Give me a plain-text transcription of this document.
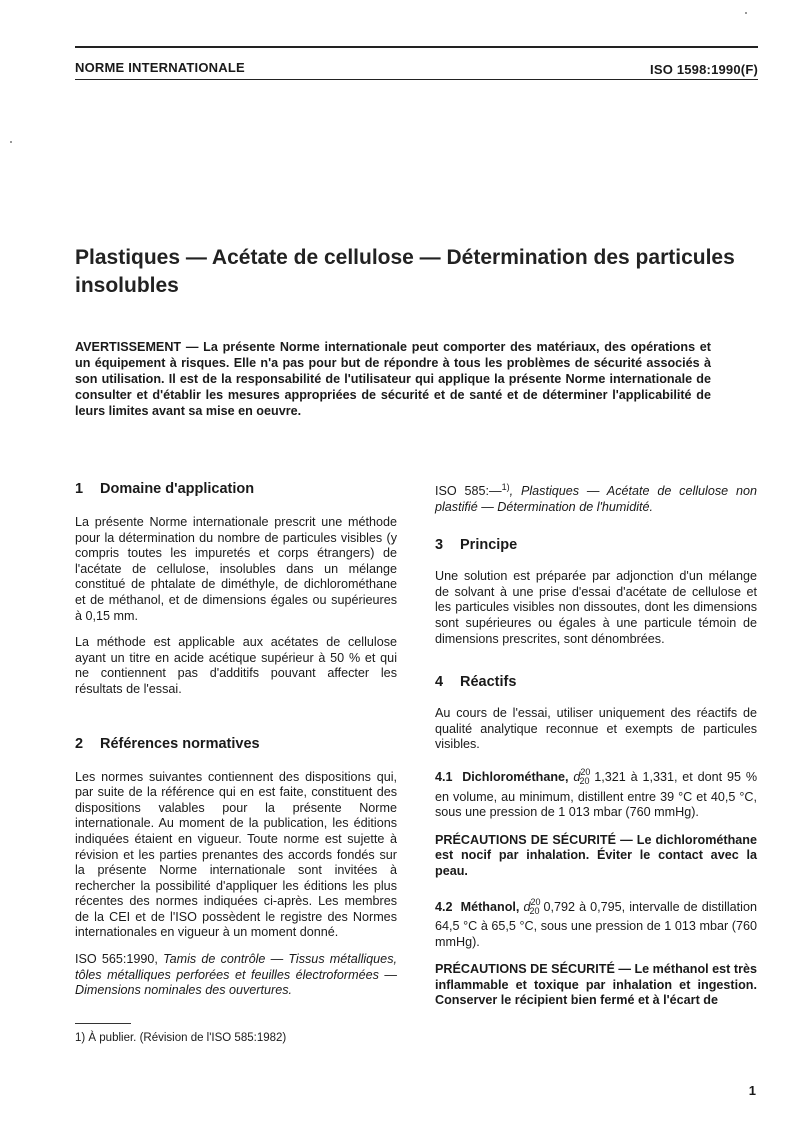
NORME INTERNATIONALE	ISO 1598:1990(F)
Plastiques — Acétate de cellulose — Détermination des particules insolubles
AVERTISSEMENT — La présente Norme internationale peut comporter des matériaux, des opérations et un équipement à risques. Elle n'a pas pour but de répondre à tous les problèmes de sécurité associés à son utilisation. Il est de la responsabilité de l'utilisateur qui applique la présente Norme internationale de consulter et d'établir les mesures appropriées de sécurité et de santé et de déterminer l'applicabilité de leurs limites avant sa mise en oeuvre.
1 Domaine d'application

La présente Norme internationale prescrit une méthode pour la détermination du nombre de particules visibles (y compris toutes les impuretés et corps étrangers) de l'acétate de cellulose, insolubles dans un mélange constitué de phtalate de diméthyle, de dichlorométhane et de méthanol, et de dimensions égales ou supérieures à 0,15 mm.

La méthode est applicable aux acétates de cellulose ayant un titre en acide acétique supérieur à 50 % et qui ne contiennent pas d'additifs pouvant affecter les résultats de l'essai.

2 Références normatives

Les normes suivantes contiennent des dispositions qui, par suite de la référence qui en est faite, constituent des dispositions valables pour la présente Norme internationale. Au moment de la publication, les éditions indiquées étaient en vigueur. Toute norme est sujette à révision et les parties prenantes des accords fondés sur la présente Norme internationale sont invitées à rechercher la possibilité d'appliquer les éditions les plus récentes des normes indiquées ci-après. Les membres de la CEI et de l'ISO possèdent le registre des Normes internationales en vigueur à un moment donné.

ISO 565:1990, Tamis de contrôle — Tissus métalliques, tôles métalliques perforées et feuilles électroformées — Dimensions nominales des ouvertures.

ISO 585:—$^{1)}$, Plastiques — Acétate de cellulose non plastifié — Détermination de l'humidité.

3 Principe

Une solution est préparée par adjonction d'un mélange de solvant à une prise d'essai d'acétate de cellulose et les particules visibles non dissoutes, dont les dimensions sont supérieures ou égales à une particule témoin de dimensions prescrites, sont dénombrées.

4 Réactifs

Au cours de l'essai, utiliser uniquement des réactifs de qualité analytique reconnue et exempts de particules visibles.

4.1 Dichlorométhane, $d_{2020}$ 1,321 à 1,331, et dont 95 % en volume, au minimum, distillent entre 39 °C et 40,5 °C, sous une pression de 1 013 mbar (760 mmHg).

PRÉCAUTIONS DE SÉCURITÉ — Le dichlorométhane est nocif par inhalation. Éviter le contact avec la peau.

4.2 Méthanol, $d_{2020}$ 0,792 à 0,795, intervalle de distillation 64,5 °C à 65,5 °C, sous une pression de 1 013 mbar (760 mmHg).

PRÉCAUTIONS DE SÉCURITÉ — Le méthanol est très inflammable et toxique par inhalation et ingestion. Conserver le récipient bien fermé et à l'écart de

1) À publier. (Révision de l'ISO 585:1982)
1
